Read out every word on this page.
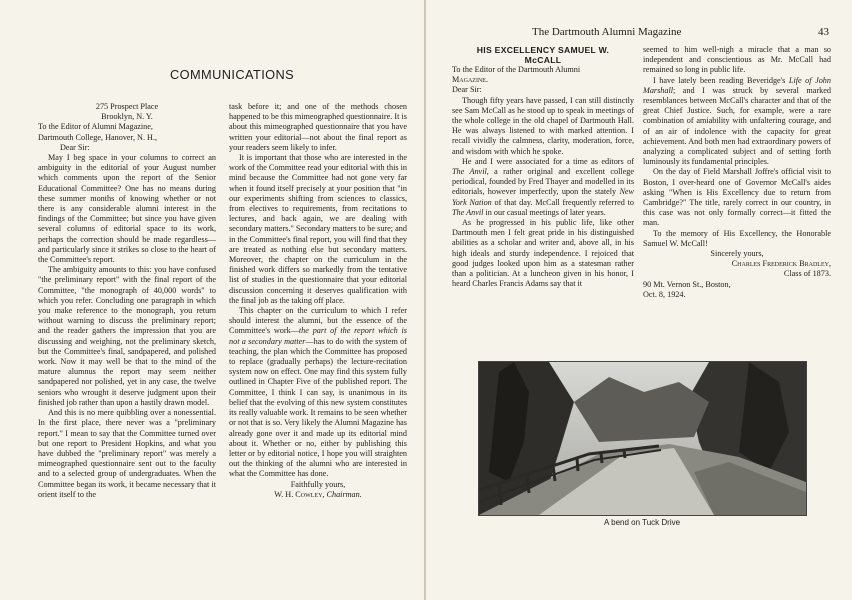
COMMUNICATIONS
275 Prospect Place
Brooklyn, N. Y.
To the Editor of Alumni Magazine,
Dartmouth College, Hanover, N. H.,
Dear Sir:

May I beg space in your columns to correct an ambiguity in the editorial of your August number which comments upon the report of the Senior Educational Committee? One has no means during these summer months of knowing whether or not there is any considerable alumni interest in the findings of the Committee; but since you have given several columns of editorial space to its work, perhaps the correction should be made regardless—and particularly since it strikes so close to the heart of the Committee's report.

The ambiguity amounts to this: you have confused "the preliminary report" with the final report of the Committee, "the monograph of 40,000 words" to which you refer. Concluding one paragraph in which you make reference to the monograph, you return without warning to discuss the preliminary report; and the reader gathers the impression that you are discussing and weighing, not the preliminary sketch, but the Committee's final, sandpapered, and polished work. Now it may well be that to the mind of the mature alumnus the report may seem neither sandpapered nor polished, yet in any case, the twelve seniors who wrought it deserve judgment upon their finished job rather than upon a hastily drawn model.

And this is no mere quibbling over a nonessential. In the first place, there never was a "preliminary report." I mean to say that the Committee turned over but one report to President Hopkins, and what you have dubbed the "preliminary report" was merely a mimeographed questionnaire sent out to the faculty and to a selected group of undergraduates. When the Committee began its work, it became necessary that it orient itself to the

task before it; and one of the methods chosen happened to be this mimeographed questionnaire. It is about this mimeographed questionnaire that you have written your editorial—not about the final report as your readers seem likely to infer.

It is important that those who are interested in the work of the Committee read your editorial with this in mind because the Committee had not gone very far when it found itself precisely at your position that "in our experiments shifting from sciences to classics, from electives to requirements, from recitations to lectures, and back again, we are dealing with secondary matters." Secondary matters to be sure; and in the Committee's final report, you will find that they are treated as nothing else but secondary matters. Moreover, the chapter on the curriculum in the finished work differs so markedly from the tentative list of studies in the questionnaire that your editorial discussion concerning it deserves qualification with the final job as the taking off place.

This chapter on the curriculum to which I refer should interest the alumni, but the essence of the Committee's work—the part of the report which is not a secondary matter—has to do with the system of teaching, the plan which the Committee has proposed to replace (gradually perhaps) the lecture-recitation system now on effect. One may find this system fully outlined in Chapter Five of the published report. The Committee, I think I can say, is unanimous in its belief that the evolving of this new system constitutes its really valuable work. It remains to be seen whether or not that is so. Very likely the Alumni Magazine has already gone over it and made up its editorial mind about it. Whether or no, either by publishing this letter or by editorial notice, I hope you will straighten out the thinking of the alumni who are interested in what the Committee has done.

Faithfully yours,
W. H. Cowley, Chairman.
The Dartmouth Alumni Magazine	43
HIS EXCELLENCY SAMUEL W.
McCALL
To the Editor of the Dartmouth Alumni
Magazine.
Dear Sir:

Though fifty years have passed, I can still distinctly see Sam McCall as he stood up to speak in meetings of the whole college in the old chapel of Dartmouth Hall. He was always listened to with marked attention. I recall vividly the calmness, clarity, moderation, force, and wisdom with which he spoke.

He and I were associated for a time as editors of The Anvil, a rather original and excellent college periodical, founded by Fred Thayer and modelled in its editorials, however imperfectly, upon the stately New York Nation of that day. McCall frequently referred to The Anvil in our casual meetings of later years.

As he progressed in his public life, like other Dartmouth men I felt great pride in his distinguished abilities as a scholar and writer and, above all, in his high ideals and sturdy independence. I rejoiced that good judges looked upon him as a statesman rather than a politician. At a luncheon given in his honor, I heard Charles Francis Adams say that it

seemed to him well-nigh a miracle that a man so independent and conscientious as Mr. McCall had remained so long in public life.

I have lately been reading Beveridge's Life of John Marshall; and I was struck by several marked resemblances between McCall's character and that of the great Chief Justice. Such, for example, were a rare combination of amiability with unfaltering courage, and of an air of indolence with the capacity for great achievement. And both men had extraordinary powers of analyzing a complicated subject and of setting forth luminously its fundamental principles.

On the day of Field Marshall Joffre's official visit to Boston, I over-heard one of Governor McCall's aides asking "When is His Excellency due to return from Cambridge?" The title, rarely correct in our country, in this case was not only formally correct—it fitted the man.

To the memory of His Excellency, the Honorable Samuel W. McCall!

Sincerely yours,
Charles Frederick Bradley,
Class of 1873.
90 Mt. Vernon St., Boston,
Oct. 8, 1924.
A bend on Tuck Drive
